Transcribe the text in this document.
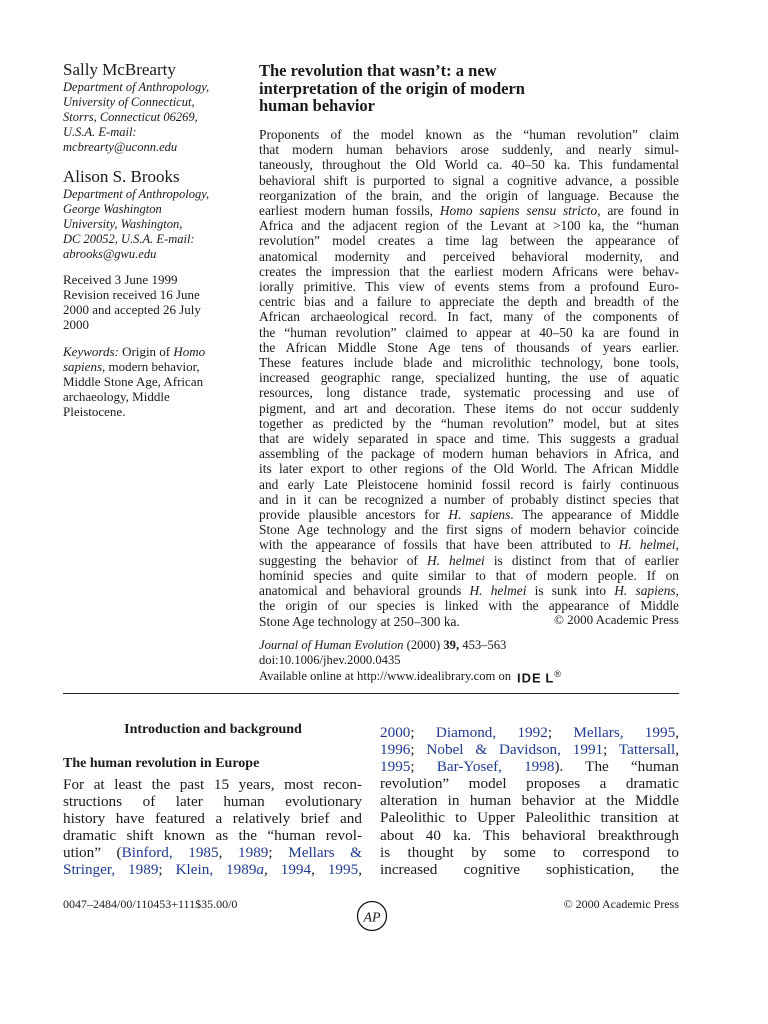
Sally McBrearty
Department of Anthropology,
University of Connecticut,
Storrs, Connecticut 06269,
U.S.A. E-mail:
mcbrearty@uconn.edu
Alison S. Brooks
Department of Anthropology,
George Washington
University, Washington,
DC 20052, U.S.A. E-mail:
abrooks@gwu.edu
Received 3 June 1999
Revision received 16 June
2000 and accepted 26 July
2000
Keywords: Origin of Homo
sapiens, modern behavior,
Middle Stone Age, African
archaeology, Middle
Pleistocene.
The revolution that wasn’t: a new
interpretation of the origin of modern
human behavior
Proponents of the model known as the “human revolution” claim
that modern human behaviors arose suddenly, and nearly simul-
taneously, throughout the Old World ca. 40–50 ka. This fundamental
behavioral shift is purported to signal a cognitive advance, a possible
reorganization of the brain, and the origin of language. Because the
earliest modern human fossils, Homo sapiens sensu stricto, are found in
Africa and the adjacent region of the Levant at >100 ka, the “human
revolution” model creates a time lag between the appearance of
anatomical modernity and perceived behavioral modernity, and
creates the impression that the earliest modern Africans were behav-
iorally primitive. This view of events stems from a profound Euro-
centric bias and a failure to appreciate the depth and breadth of the
African archaeological record. In fact, many of the components of
the “human revolution” claimed to appear at 40–50 ka are found in
the African Middle Stone Age tens of thousands of years earlier.
These features include blade and microlithic technology, bone tools,
increased geographic range, specialized hunting, the use of aquatic
resources, long distance trade, systematic processing and use of
pigment, and art and decoration. These items do not occur suddenly
together as predicted by the “human revolution” model, but at sites
that are widely separated in space and time. This suggests a gradual
assembling of the package of modern human behaviors in Africa, and
its later export to other regions of the Old World. The African Middle
and early Late Pleistocene hominid fossil record is fairly continuous
and in it can be recognized a number of probably distinct species that
provide plausible ancestors for H. sapiens. The appearance of Middle
Stone Age technology and the first signs of modern behavior coincide
with the appearance of fossils that have been attributed to H. helmei,
suggesting the behavior of H. helmei is distinct from that of earlier
hominid species and quite similar to that of modern people. If on
anatomical and behavioral grounds H. helmei is sunk into H. sapiens,
the origin of our species is linked with the appearance of Middle
Stone Age technology at 250–300 ka.	© 2000 Academic Press
Journal of Human Evolution (2000) 39, 453–563
doi:10.1006/jhev.2000.0435
Available online at http://www.idealibrary.com on IDE L®
Introduction and background
The human revolution in Europe
For at least the past 15 years, most recon-
structions of later human evolutionary
history have featured a relatively brief and
dramatic shift known as the “human revol-
ution” (Binford, 1985, 1989; Mellars &
Stringer, 1989; Klein, 1989a, 1994, 1995,
2000; Diamond, 1992; Mellars, 1995,
1996; Nobel & Davidson, 1991; Tattersall,
1995; Bar-Yosef, 1998). The “human
revolution” model proposes a dramatic
alteration in human behavior at the Middle
Paleolithic to Upper Paleolithic transition at
about 40 ka. This behavioral breakthrough
is thought by some to correspond to
increased cognitive sophistication, the
0047–2484/00/110453+111$35.00/0
AP
© 2000 Academic Press
